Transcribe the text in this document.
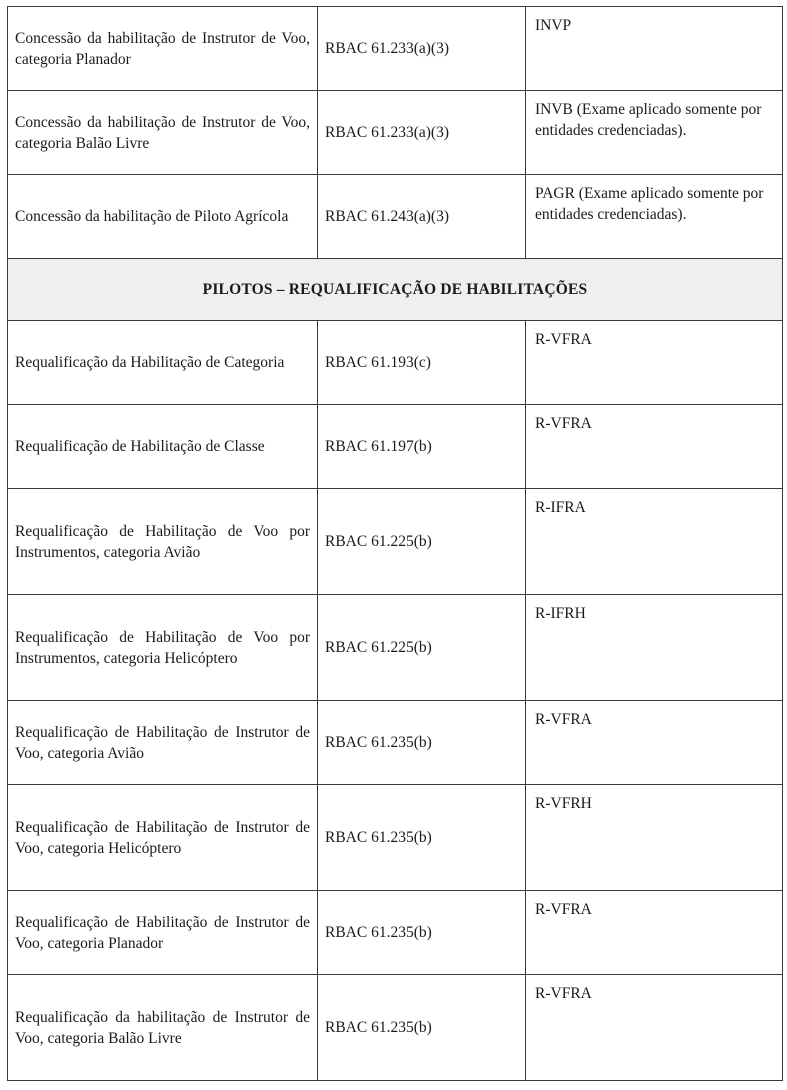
Concessão da habilitação de Instrutor de Voo, categoria Planador	RBAC 61.233(a)(3)	INVP
Concessão da habilitação de Instrutor de Voo, categoria Balão Livre	RBAC 61.233(a)(3)	INVB (Exame aplicado somente por entidades credenciadas).
Concessão da habilitação de Piloto Agrícola	RBAC 61.243(a)(3)	PAGR (Exame aplicado somente por entidades credenciadas).
PILOTOS – REQUALIFICAÇÃO DE HABILITAÇÕES		
Requalificação da Habilitação de Categoria	RBAC 61.193(c)	R-VFRA
Requalificação de Habilitação de Classe	RBAC 61.197(b)	R-VFRA
Requalificação de Habilitação de Voo por Instrumentos, categoria Avião	RBAC 61.225(b)	R-IFRA
Requalificação de Habilitação de Voo por Instrumentos, categoria Helicóptero	RBAC 61.225(b)	R-IFRH
Requalificação de Habilitação de Instrutor de Voo, categoria Avião	RBAC 61.235(b)	R-VFRA
Requalificação de Habilitação de Instrutor de Voo, categoria Helicóptero	RBAC 61.235(b)	R-VFRH
Requalificação de Habilitação de Instrutor de Voo, categoria Planador	RBAC 61.235(b)	R-VFRA
Requalificação da habilitação de Instrutor de Voo, categoria Balão Livre	RBAC 61.235(b)	R-VFRA
